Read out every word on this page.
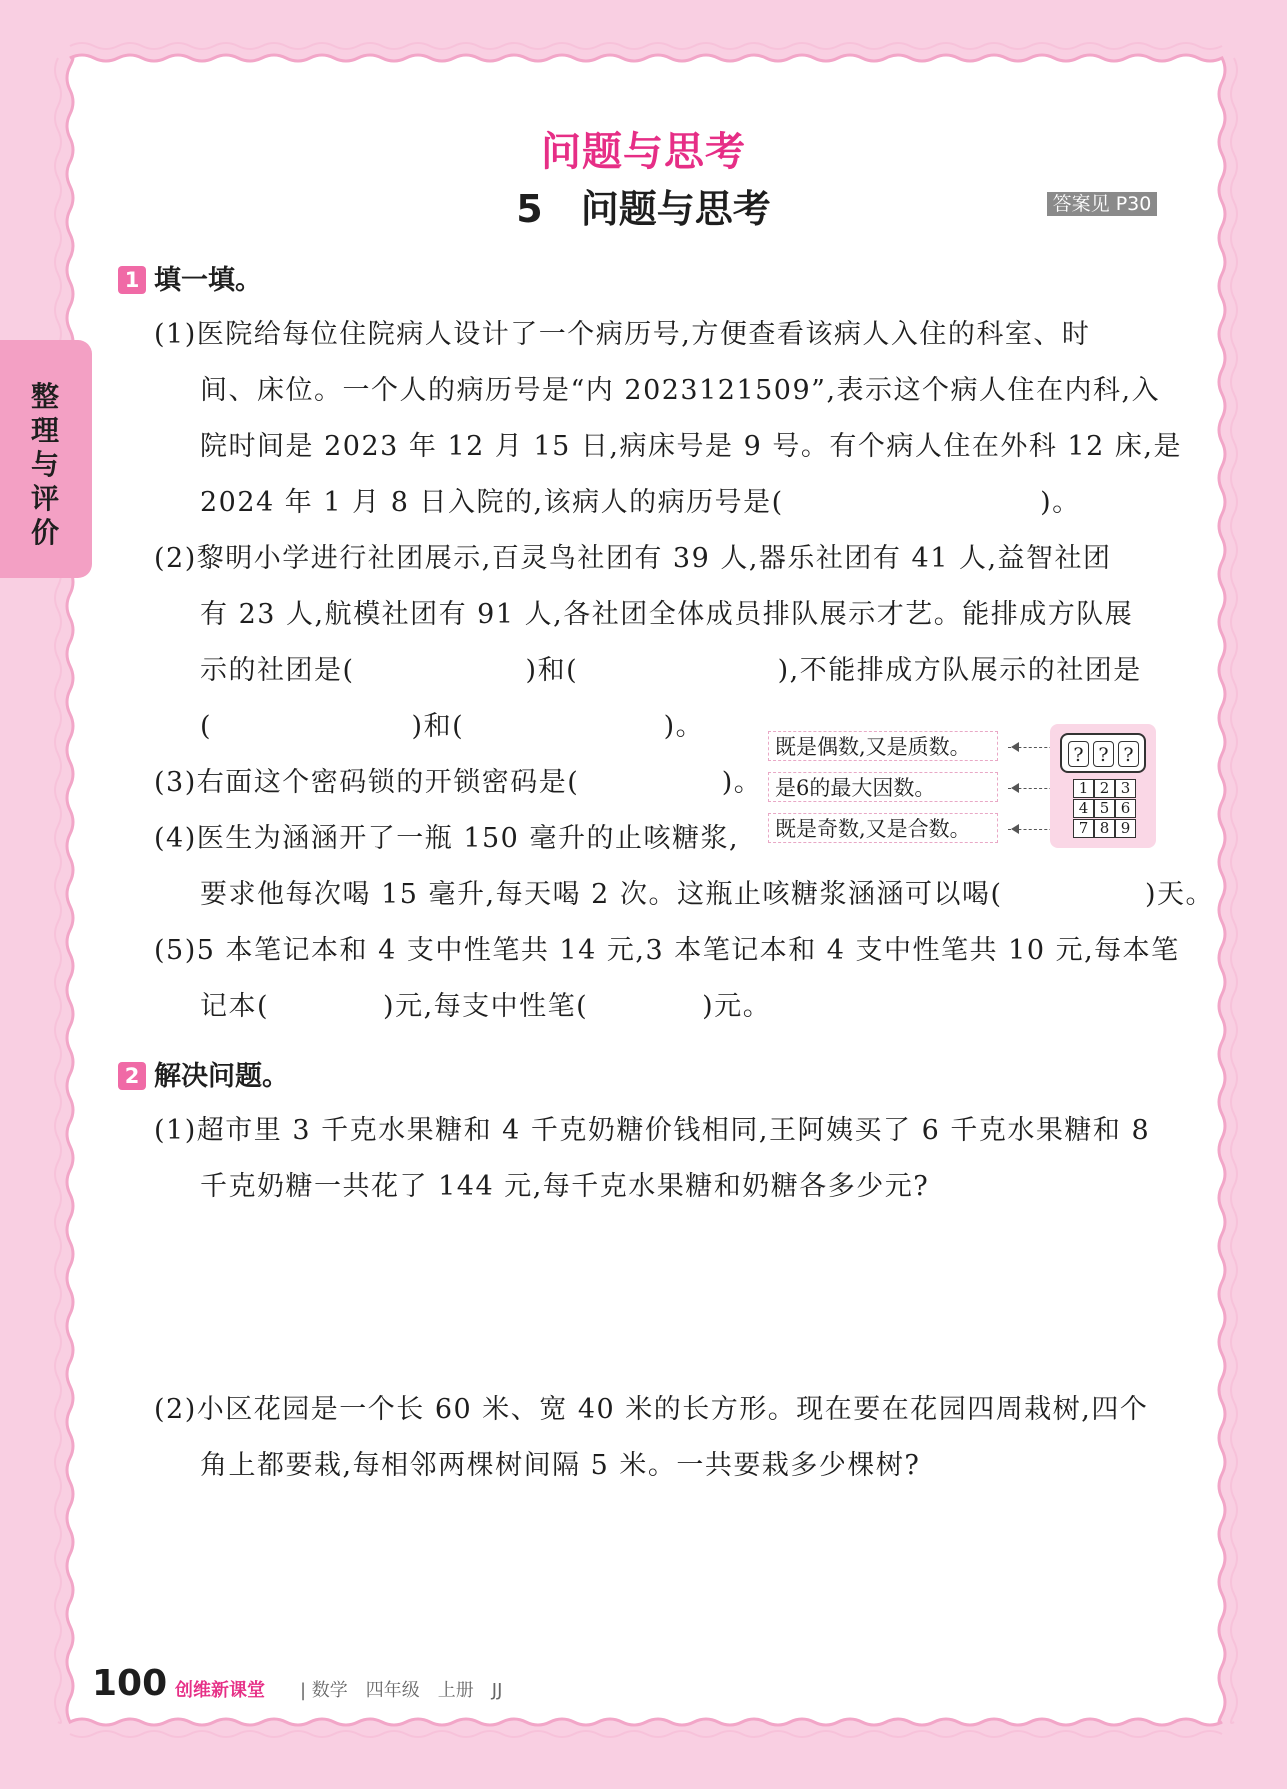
整理与评价
问题与思考
5　问题与思考	答案见 P30
1 填一填。
(1)医院给每位住院病人设计了一个病历号,方便查看该病人入住的科室、时
间、床位。一个人的病历号是“内 2023121509”,表示这个病人住在内科,入
院时间是 2023 年 12 月 15 日,病床号是 9 号。有个病人住在外科 12 床,是
2024 年 1 月 8 日入院的,该病人的病历号是(　　　　　　　　　)。
(2)黎明小学进行社团展示,百灵鸟社团有 39 人,器乐社团有 41 人,益智社团
有 23 人,航模社团有 91 人,各社团全体成员排队展示才艺。能排成方队展
示的社团是(　　　　　　)和(　　　　　　　),不能排成方队展示的社团是
(　　　　　　　)和(　　　　　　　)。
(3)右面这个密码锁的开锁密码是(　　　　　)。
(4)医生为涵涵开了一瓶 150 毫升的止咳糖浆,
要求他每次喝 15 毫升,每天喝 2 次。这瓶止咳糖浆涵涵可以喝(　　　　　)天。
(5)5 本笔记本和 4 支中性笔共 14 元,3 本笔记本和 4 支中性笔共 10 元,每本笔
记本(　　　　)元,每支中性笔(　　　　)元。
既是偶数,又是质数。
是6的最大因数。
既是奇数,又是合数。
? ? ?
1 2 3
4 5 6
7 8 9
2 解决问题。
(1)超市里 3 千克水果糖和 4 千克奶糖价钱相同,王阿姨买了 6 千克水果糖和 8
千克奶糖一共花了 144 元,每千克水果糖和奶糖各多少元?
(2)小区花园是一个长 60 米、宽 40 米的长方形。现在要在花园四周栽树,四个
角上都要栽,每相邻两棵树间隔 5 米。一共要栽多少棵树?
100 创维新课堂 | 数学　四年级　上册　JJ
